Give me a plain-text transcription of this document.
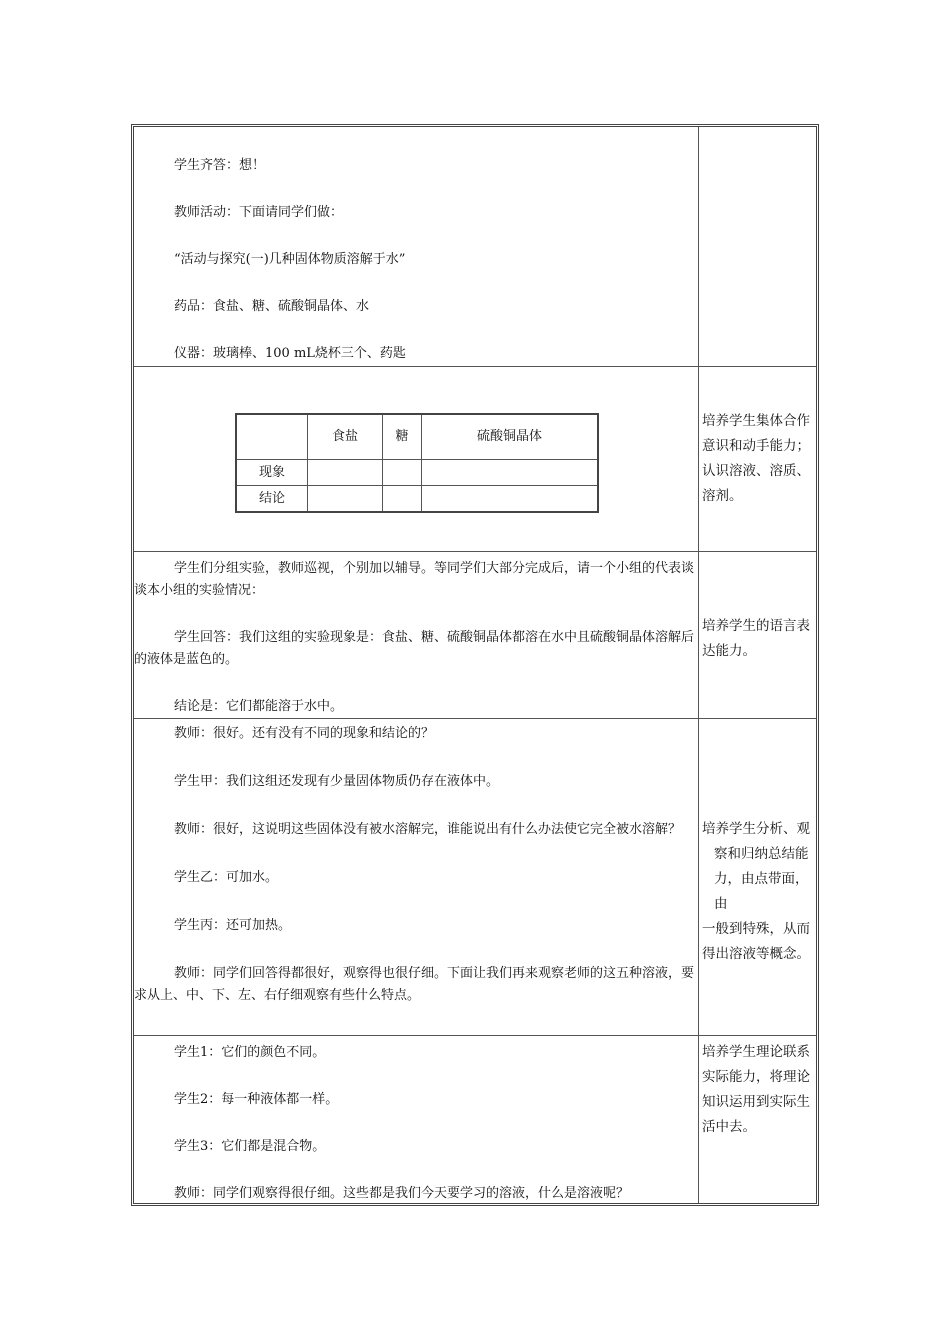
学生齐答：想！

教师活动：下面请同学们做：

“活动与探究(一)几种固体物质溶解于水”

药品：食盐、糖、硫酸铜晶体、水

仪器：玻璃棒、100 mL烧杯三个、药匙

	食盐	糖	硫酸铜晶体
现象			
结论			
培养学生集体合作意识和动手能力；认识溶液、溶质、溶剂。

学生们分组实验，教师巡视，个别加以辅导。等同学们大部分完成后，请一个小组的代表谈谈本小组的实验情况：

学生回答：我们这组的实验现象是：食盐、糖、硫酸铜晶体都溶在水中且硫酸铜晶体溶解后的液体是蓝色的。

结论是：它们都能溶于水中。

培养学生的语言表达能力。

教师：很好。还有没有不同的现象和结论的？

学生甲：我们这组还发现有少量固体物质仍存在液体中。

教师：很好，这说明这些固体没有被水溶解完，谁能说出有什么办法使它完全被水溶解？

学生乙：可加水。

学生丙：还可加热。

教师：同学们回答得都很好，观察得也很仔细。下面让我们再来观察老师的这五种溶液，要求从上、中、下、左、右仔细观察有些什么特点。

培养学生分析、观
察和归纳总结能
力，由点带面，由
一般到特殊，从而
得出溶液等概念。

学生1：它们的颜色不同。

学生2：每一种液体都一样。

学生3：它们都是混合物。

教师：同学们观察得很仔细。这些都是我们今天要学习的溶液，什么是溶液呢？

培养学生理论联系实际能力，将理论知识运用到实际生活中去。
